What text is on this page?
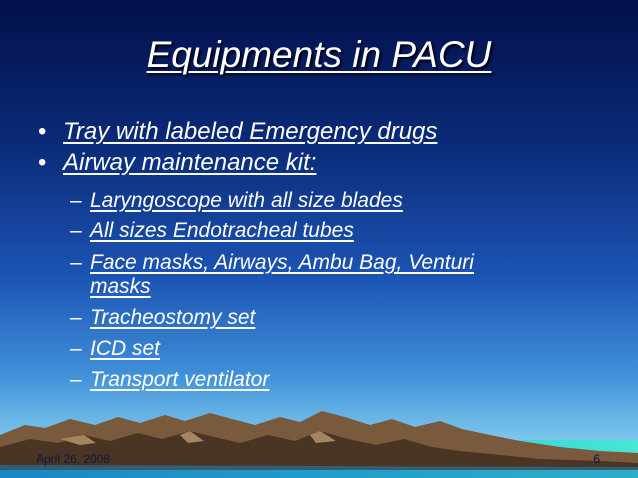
Equipments in PACU
• Tray with labeled Emergency drugs
• Airway maintenance kit:
– Laryngoscope with all size blades
– All sizes Endotracheal tubes
– Face masks, Airways, Ambu Bag, Venturi
masks
– Tracheostomy set
– ICD set
– Transport ventilator
April 26, 2008	6
